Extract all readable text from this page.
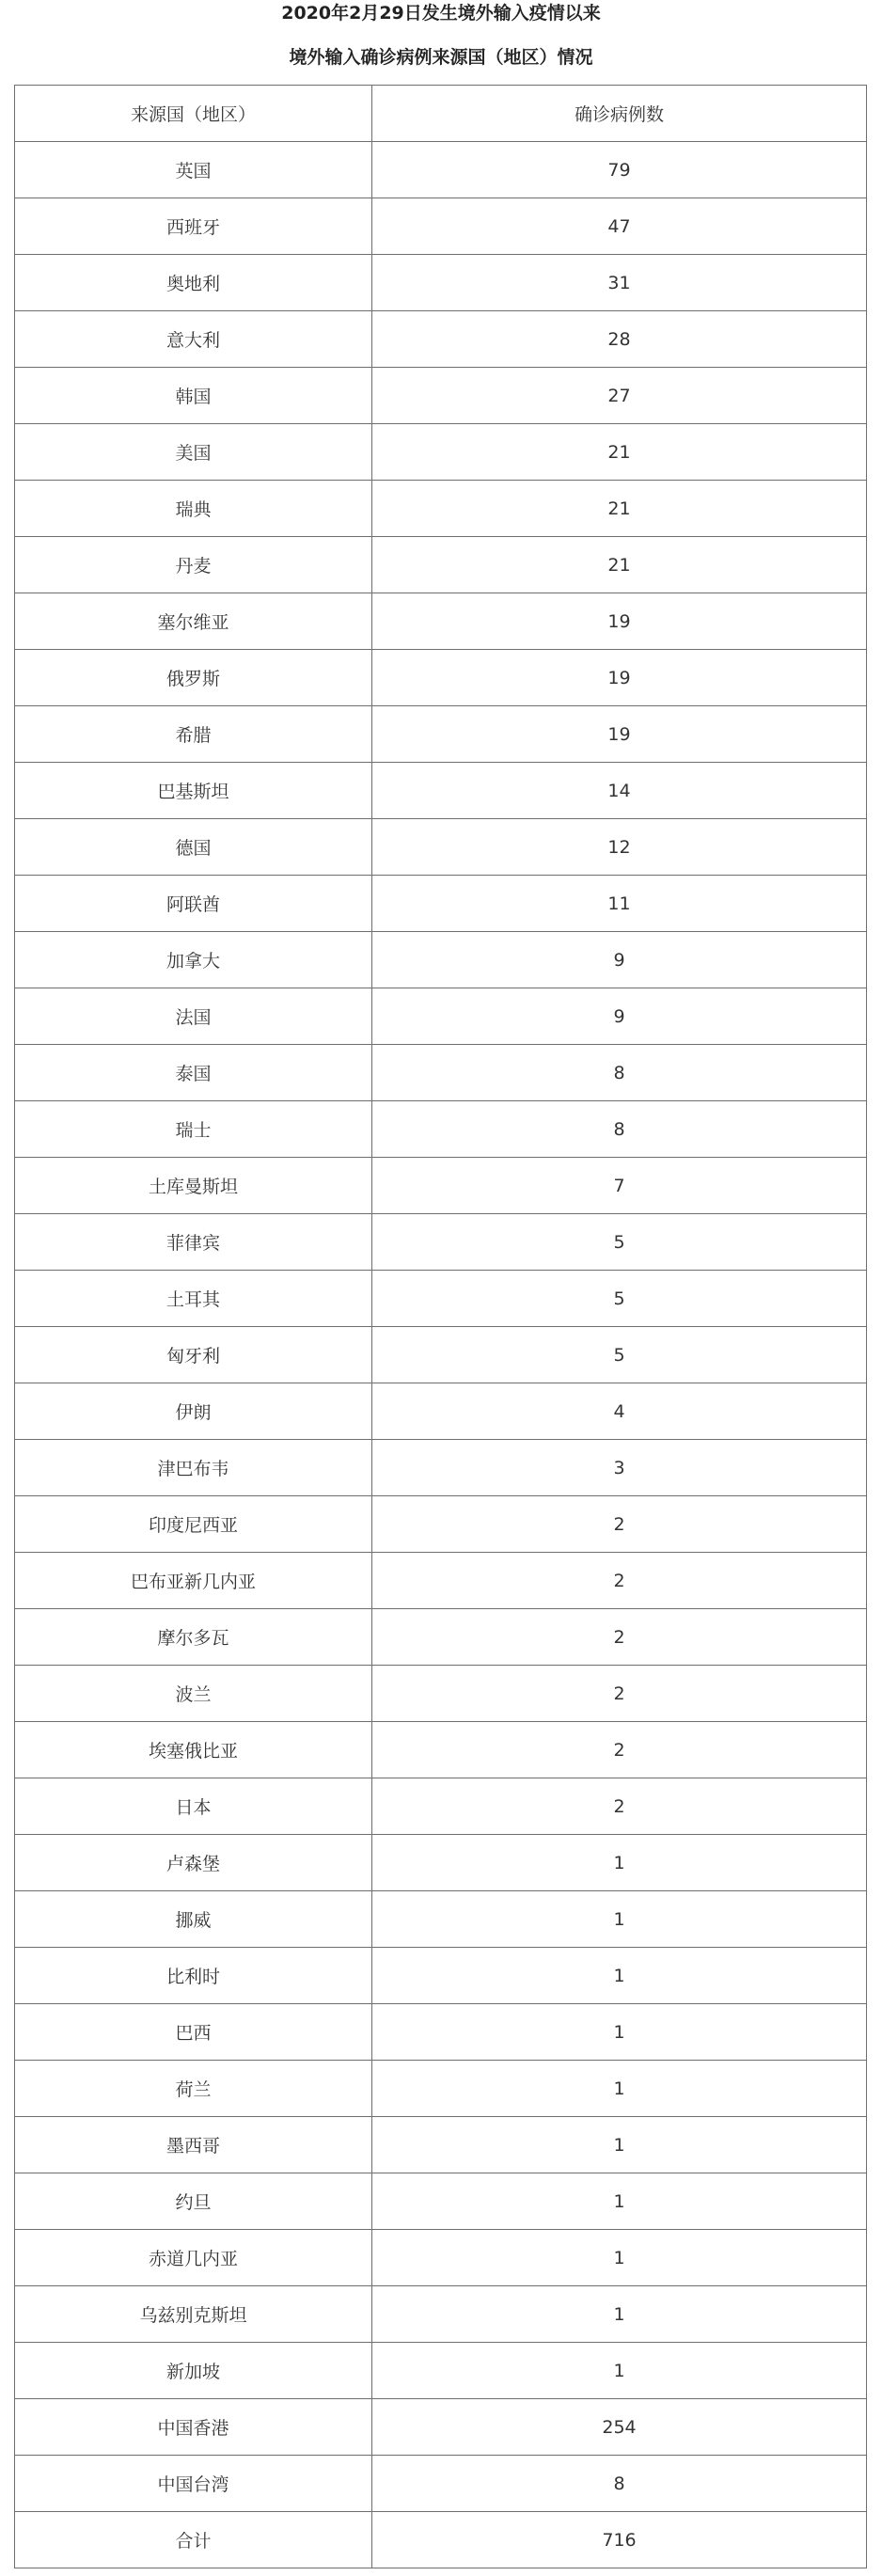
2020年2月29日发生境外输入疫情以来
境外输入确诊病例来源国（地区）情况
来源国（地区）	确诊病例数
英国	79
西班牙	47
奥地利	31
意大利	28
韩国	27
美国	21
瑞典	21
丹麦	21
塞尔维亚	19
俄罗斯	19
希腊	19
巴基斯坦	14
德国	12
阿联酋	11
加拿大	9
法国	9
泰国	8
瑞士	8
土库曼斯坦	7
菲律宾	5
土耳其	5
匈牙利	5
伊朗	4
津巴布韦	3
印度尼西亚	2
巴布亚新几内亚	2
摩尔多瓦	2
波兰	2
埃塞俄比亚	2
日本	2
卢森堡	1
挪威	1
比利时	1
巴西	1
荷兰	1
墨西哥	1
约旦	1
赤道几内亚	1
乌兹别克斯坦	1
新加坡	1
中国香港	254
中国台湾	8
合计	716
